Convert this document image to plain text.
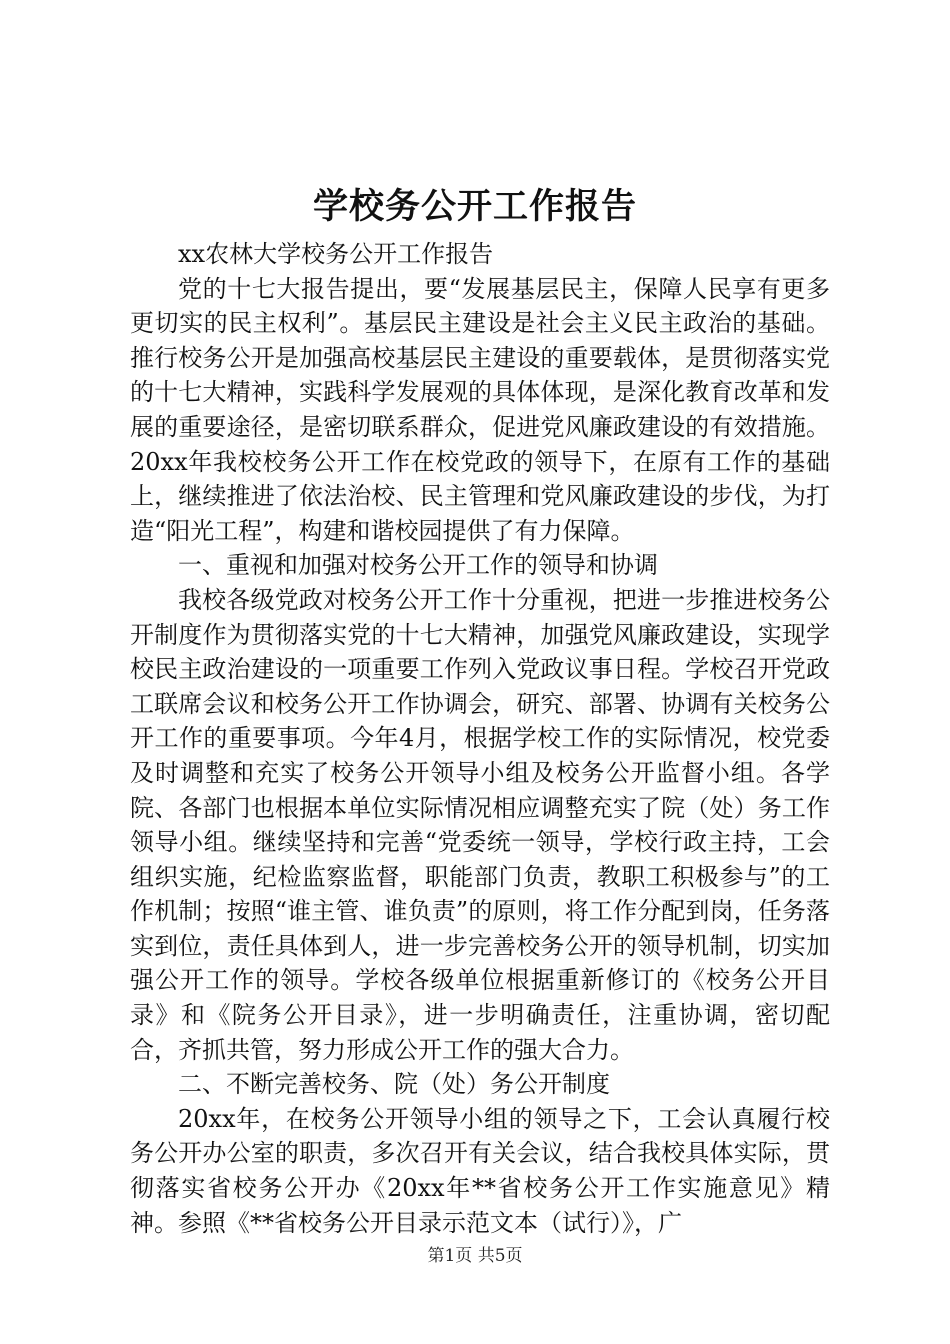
学校务公开工作报告

xx农林大学校务公开工作报告

党的十七大报告提出，要“发展基层民主，保障人民享有更多更切实的民主权利”。基层民主建设是社会主义民主政治的基础。推行校务公开是加强高校基层民主建设的重要载体，是贯彻落实党的十七大精神，实践科学发展观的具体体现，是深化教育改革和发展的重要途径，是密切联系群众，促进党风廉政建设的有效措施。20xx年我校校务公开工作在校党政的领导下，在原有工作的基础上，继续推进了依法治校、民主管理和党风廉政建设的步伐，为打造“阳光工程”，构建和谐校园提供了有力保障。

一、重视和加强对校务公开工作的领导和协调

我校各级党政对校务公开工作十分重视，把进一步推进校务公开制度作为贯彻落实党的十七大精神，加强党风廉政建设，实现学校民主政治建设的一项重要工作列入党政议事日程。学校召开党政工联席会议和校务公开工作协调会，研究、部署、协调有关校务公开工作的重要事项。今年4月，根据学校工作的实际情况，校党委及时调整和充实了校务公开领导小组及校务公开监督小组。各学院、各部门也根据本单位实际情况相应调整充实了院（处）务工作领导小组。继续坚持和完善“党委统一领导，学校行政主持，工会组织实施，纪检监察监督，职能部门负责，教职工积极参与”的工作机制；按照“谁主管、谁负责”的原则，将工作分配到岗，任务落实到位，责任具体到人，进一步完善校务公开的领导机制，切实加强公开工作的领导。学校各级单位根据重新修订的《校务公开目录》和《院务公开目录》，进一步明确责任，注重协调，密切配合，齐抓共管，努力形成公开工作的强大合力。

二、不断完善校务、院（处）务公开制度

20xx年，在校务公开领导小组的领导之下，工会认真履行校务公开办公室的职责，多次召开有关会议，结合我校具体实际，贯彻落实省校务公开办《20xx年**省校务公开工作实施意见》精神。参照《**省校务公开目录示范文本（试行）》，广

第1页 共5页
